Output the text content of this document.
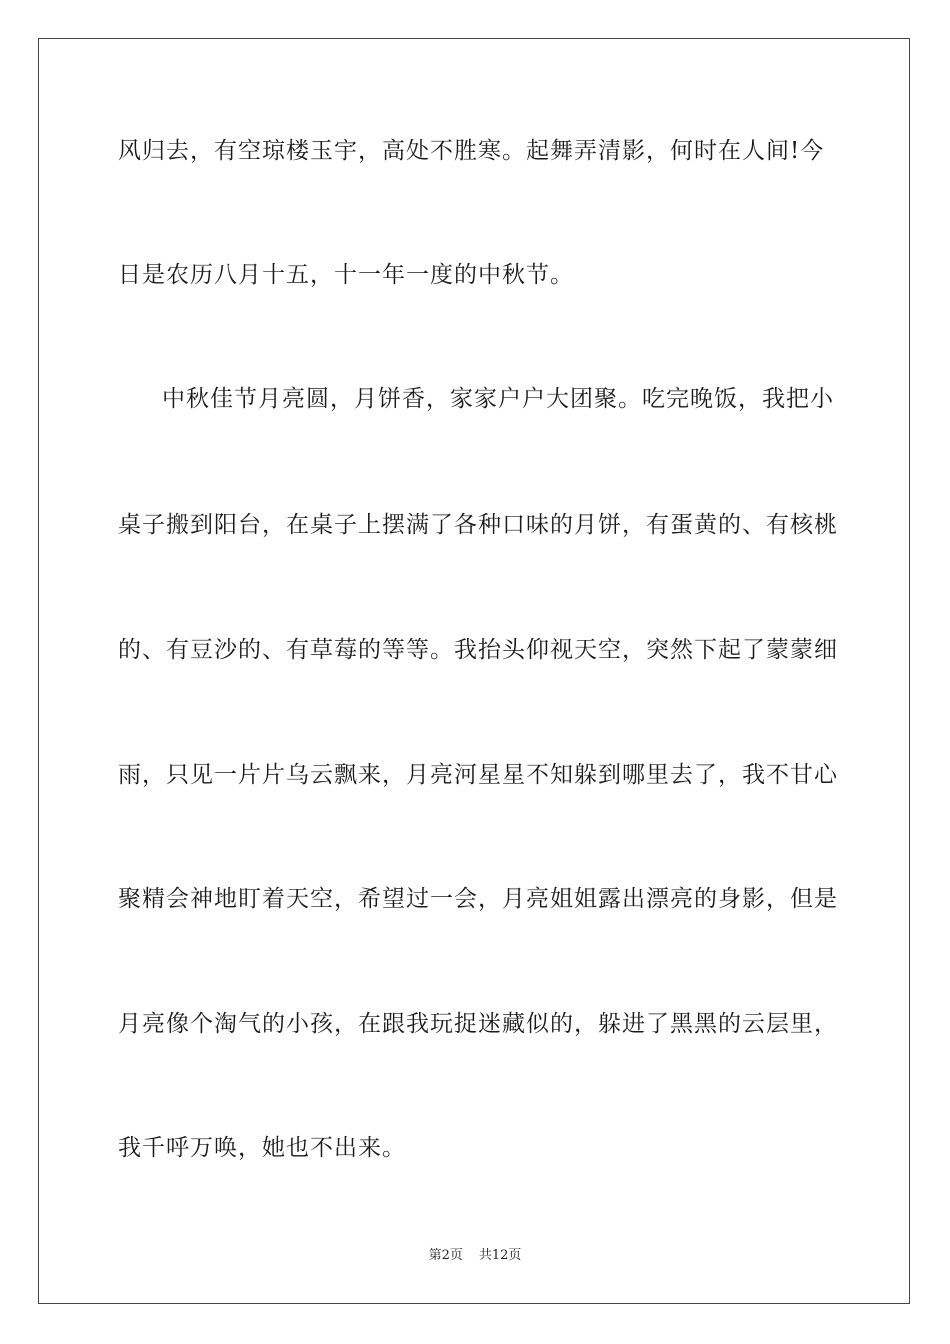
风归去，有空琼楼玉宇，高处不胜寒。起舞弄清影，何时在人间!今
日是农历八月十五，十一年一度的中秋节。
中秋佳节月亮圆，月饼香，家家户户大团聚。吃完晚饭，我把小
桌子搬到阳台，在桌子上摆满了各种口味的月饼，有蛋黄的、有核桃
的、有豆沙的、有草莓的等等。我抬头仰视天空，突然下起了蒙蒙细
雨，只见一片片乌云飘来，月亮河星星不知躲到哪里去了，我不甘心
聚精会神地盯着天空，希望过一会，月亮姐姐露出漂亮的身影，但是
月亮像个淘气的小孩，在跟我玩捉迷藏似的，躲进了黑黑的云层里，
我千呼万唤，她也不出来。
第2页 共12页
